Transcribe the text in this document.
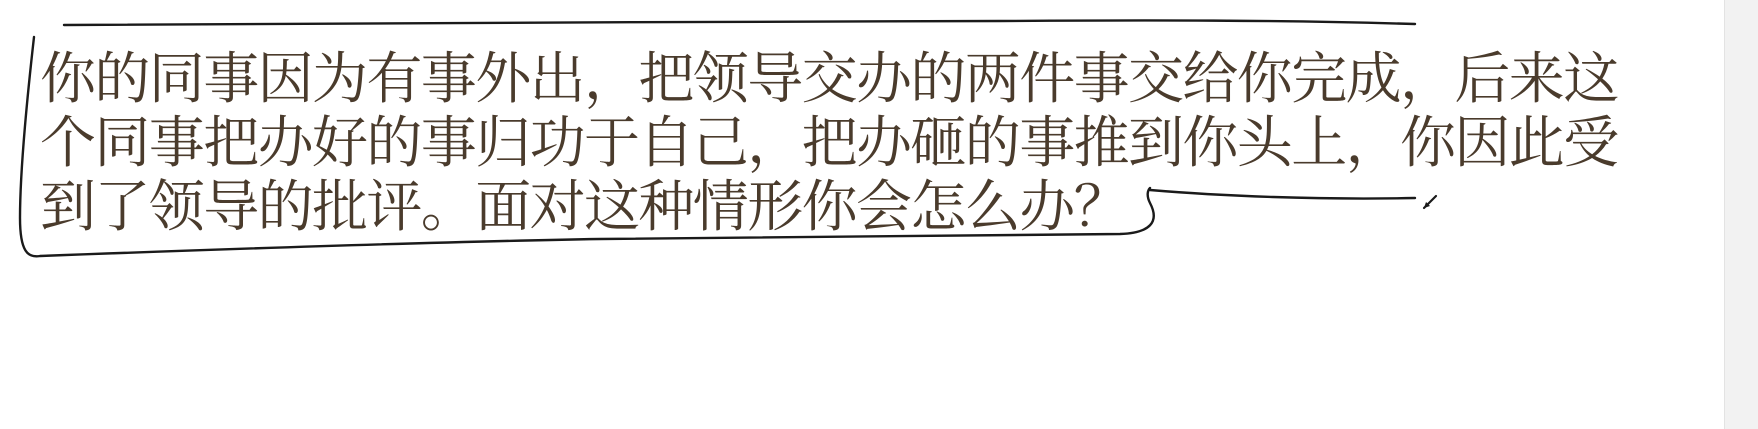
你的同事因为有事外出，把领导交办的两件事交给你完成，后来这
个同事把办好的事归功于自己，把办砸的事推到你头上，你因此受
到了领导的批评。面对这种情形你会怎么办？
